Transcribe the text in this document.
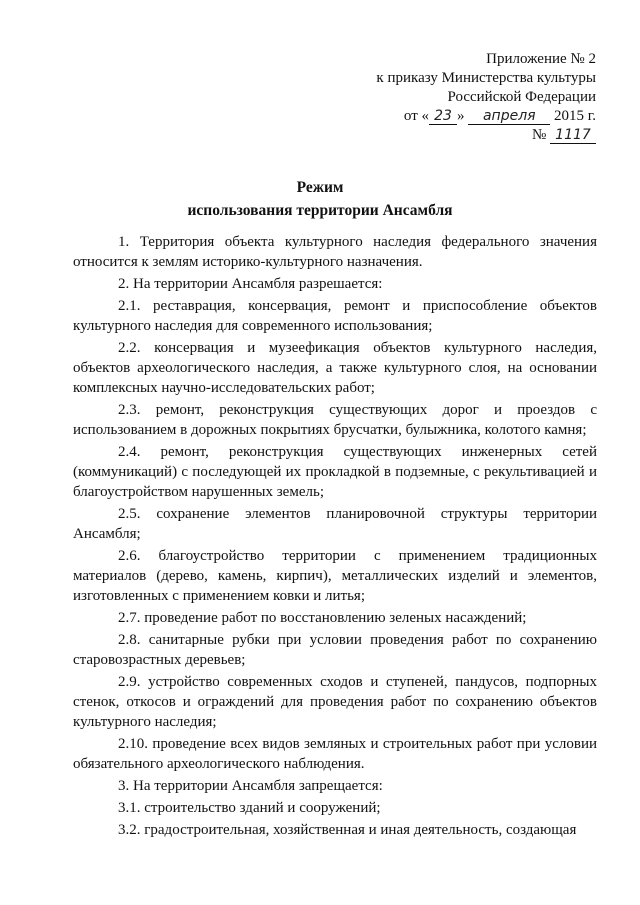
Приложение № 2
к приказу Министерства культуры
Российской Федерации
от « 23 » апреля 2015 г.
№ 1117
Режим
использования территории Ансамбля

1. Территория объекта культурного наследия федерального значения относится к землям историко-культурного назначения.

2. На территории Ансамбля разрешается:

2.1. реставрация, консервация, ремонт и приспособление объектов культурного наследия для современного использования;

2.2. консервация и музеефикация объектов культурного наследия, объектов археологического наследия, а также культурного слоя, на основании комплексных научно-исследовательских работ;

2.3. ремонт, реконструкция существующих дорог и проездов с использованием в дорожных покрытиях брусчатки, булыжника, колотого камня;

2.4. ремонт, реконструкция существующих инженерных сетей (коммуникаций) с последующей их прокладкой в подземные, с рекультивацией и благоустройством нарушенных земель;

2.5. сохранение элементов планировочной структуры территории Ансамбля;

2.6. благоустройство территории с применением традиционных материалов (дерево, камень, кирпич), металлических изделий и элементов, изготовленных с применением ковки и литья;

2.7. проведение работ по восстановлению зеленых насаждений;

2.8. санитарные рубки при условии проведения работ по сохранению старовозрастных деревьев;

2.9. устройство современных сходов и ступеней, пандусов, подпорных стенок, откосов и ограждений для проведения работ по сохранению объектов культурного наследия;

2.10. проведение всех видов земляных и строительных работ при условии обязательного археологического наблюдения.

3. На территории Ансамбля запрещается:

3.1. строительство зданий и сооружений;

3.2. градостроительная, хозяйственная и иная деятельность, создающая
